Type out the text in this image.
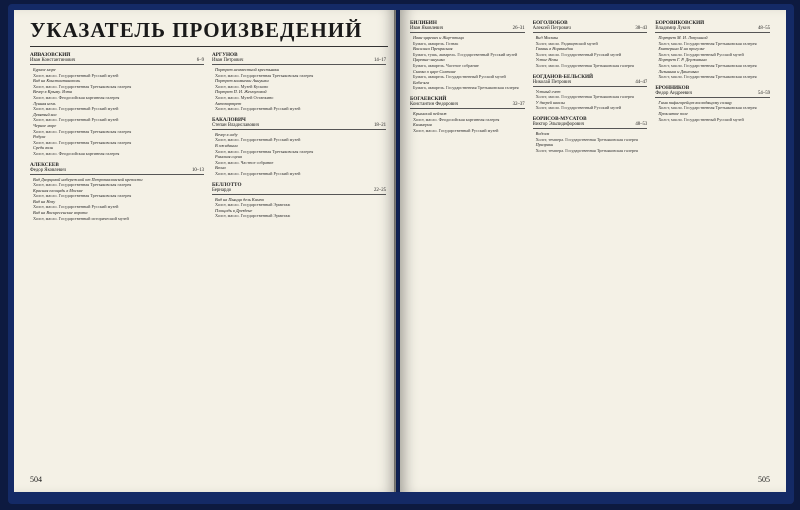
УКАЗАТЕЛЬ ПРОИЗВЕДЕНИЙ
АЙВАЗОВСКИЙ
Иван Константинович	6–9
Бурное море
Холст, масло. Государственный Русский музей
Вид на Константинополь
Холст, масло. Государственная Третьяковская галерея
Вечер в Крыму. Ялта
Холст, масло. Феодосийская картинная галерея
Лунная ночь
Холст, масло. Государственный Русский музей
Девятый вал
Холст, масло. Государственный Русский музей
Черное море
Холст, масло. Государственная Третьяковская галерея
Радуга
Холст, масло. Государственная Третьяковская галерея
Среди волн
Холст, масло. Феодосийская картинная галерея
АЛЕКСЕЕВ
Федор Яковлевич	10–13
Вид Дворцовой набережной от Петропавловской крепости
Холст, масло. Государственная Третьяковская галерея
Красная площадь в Москве
Холст, масло. Государственная Третьяковская галерея
Вид на Неву
Холст, масло. Государственный Русский музей
Вид на Воскресенские ворота
Холст, масло. Государственный исторический музей
АРГУНОВ
Иван Петрович	14–17
Портрет неизвестной крестьянки
Холст, масло. Государственная Третьяковская галерея
Портрет калмычки Аннушки
Холст, масло. Музей Кусково
Портрет П. И. Жемчуговой
Холст, масло. Музей Останкино
Автопортрет
Холст, масло. Государственный Русский музей
БАКАЛОВИЧ
Степан Владиславович	18–21
Вечер в саду
Холст, масло. Государственный Русский музей
В ожидании
Холст, масло. Государственная Третьяковская галерея
Римская сцена
Холст, масло. Частное собрание
Весна
Холст, масло. Государственный Русский музей
БЕЛЛОТТО
Бернардо	22–25
Вид на Пьяцца дель Кампо
Холст, масло. Государственный Эрмитаж
Площадь в Дрездене
Холст, масло. Государственный Эрмитаж
504
БИЛИБИН
Иван Яковлевич	26–31
Иван-царевич и Жар-птица
Бумага, акварель. Гознак
Василиса Прекрасная
Бумага, тушь, акварель. Государственный Русский музей
Царевна-лягушка
Бумага, акварель. Частное собрание
Сказка о царе Салтане
Бумага, акварель. Государственный Русский музей
Баба-яга
Бумага, акварель. Государственная Третьяковская галерея
БОГАЕВСКИЙ
Константин Федорович	32–37
Крымский пейзаж
Холст, масло. Феодосийская картинная галерея
Киммерия
Холст, масло. Государственный Русский музей
БОГОЛЮБОВ
Алексей Петрович	38–43
Вид Москвы
Холст, масло. Радищевский музей
Гавань в Нормандии
Холст, масло. Государственный Русский музей
Устье Невы
Холст, масло. Государственная Третьяковская галерея
БОГДАНОВ-БЕЛЬСКИЙ
Николай Петрович	44–47
Устный счет
Холст, масло. Государственная Третьяковская галерея
У дверей школы
Холст, масло. Государственный Русский музей
БОРИСОВ-МУСАТОВ
Виктор Эльпидифорович	48–53
Водоем
Холст, темпера. Государственная Третьяковская галерея
Призраки
Холст, темпера. Государственная Третьяковская галерея
БОРОВИКОВСКИЙ
Владимир Лукич	48–55
Портрет М. И. Лопухиной
Холст, масло. Государственная Третьяковская галерея
Екатерина II на прогулке
Холст, масло. Государственный Русский музей
Портрет Г. Р. Державина
Холст, масло. Государственная Третьяковская галерея
Лизынька и Дашенька
Холст, масло. Государственная Третьяковская галерея
БРОННИКОВ
Федор Андреевич	54–59
Гимн пифагорейцев восходящему солнцу
Холст, масло. Государственная Третьяковская галерея
Проклятое поле
Холст, масло. Государственный Русский музей
505
